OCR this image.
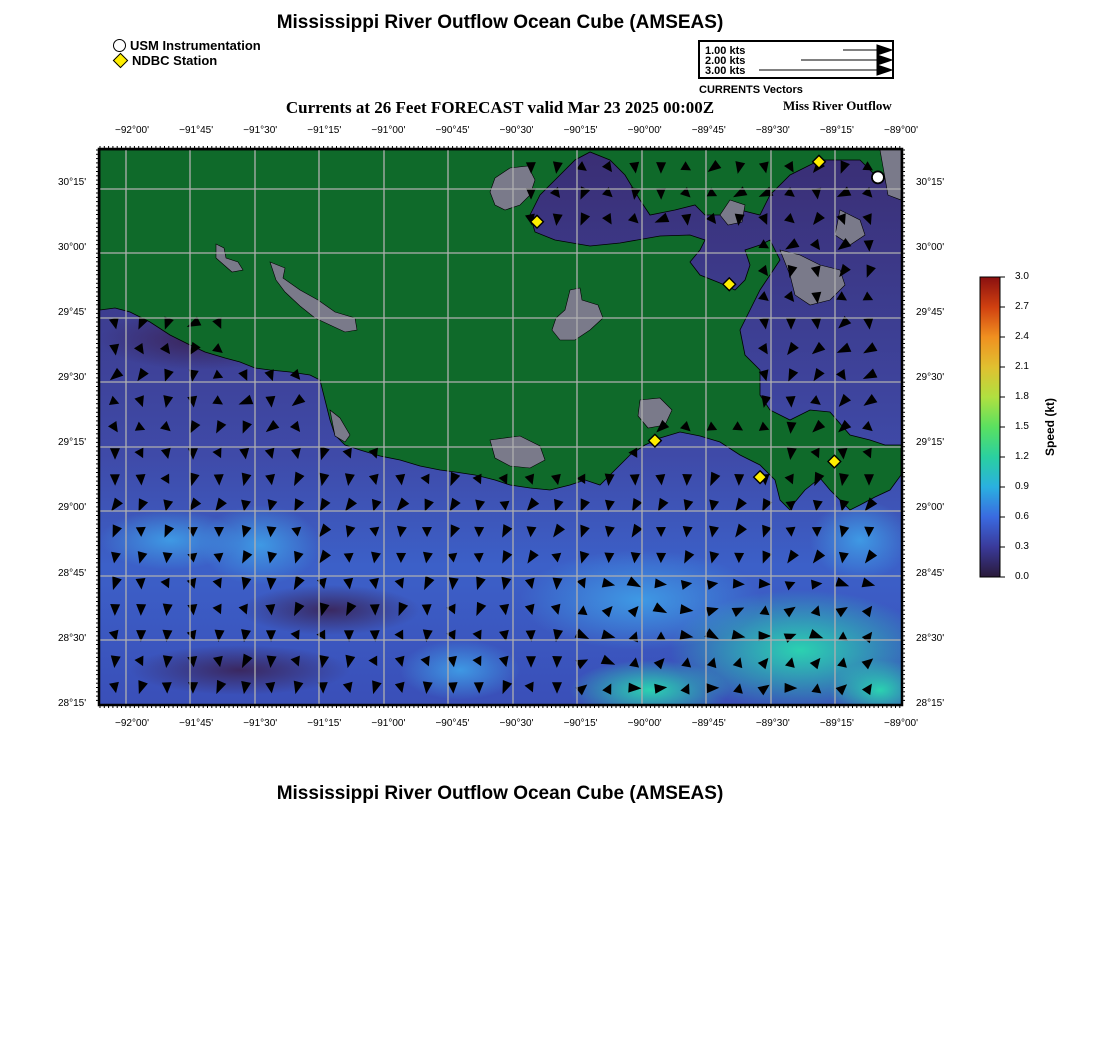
Mississippi River Outflow Ocean Cube (AMSEAS)
USM Instrumentation
NDBC Station
1.00 kts
2.00 kts
3.00 kts
CURRENTS Vectors
Currents at 26 Feet FORECAST valid Mar 23 2025 00:00Z	Miss River Outflow
Speed (kt)
Mississippi River Outflow Ocean Cube (AMSEAS)
−92°00'
−92°00'
−91°45'
−91°45'
−91°30'
−91°30'
−91°15'
−91°15'
−91°00'
−91°00'
−90°45'
−90°45'
−90°30'
−90°30'
−90°15'
−90°15'
−90°00'
−90°00'
−89°45'
−89°45'
−89°30'
−89°30'
−89°15'
−89°15'
−89°00'
−89°00'
28°15'	28°15'
28°30'	28°30'
28°45'	28°45'
29°00'	29°00'
29°15'	29°15'
29°30'	29°30'
29°45'	29°45'
30°00'	30°00'
30°15'	30°15'
0.0
0.3
0.6
0.9
1.2
1.5
1.8
2.1
2.4
2.7
3.0
